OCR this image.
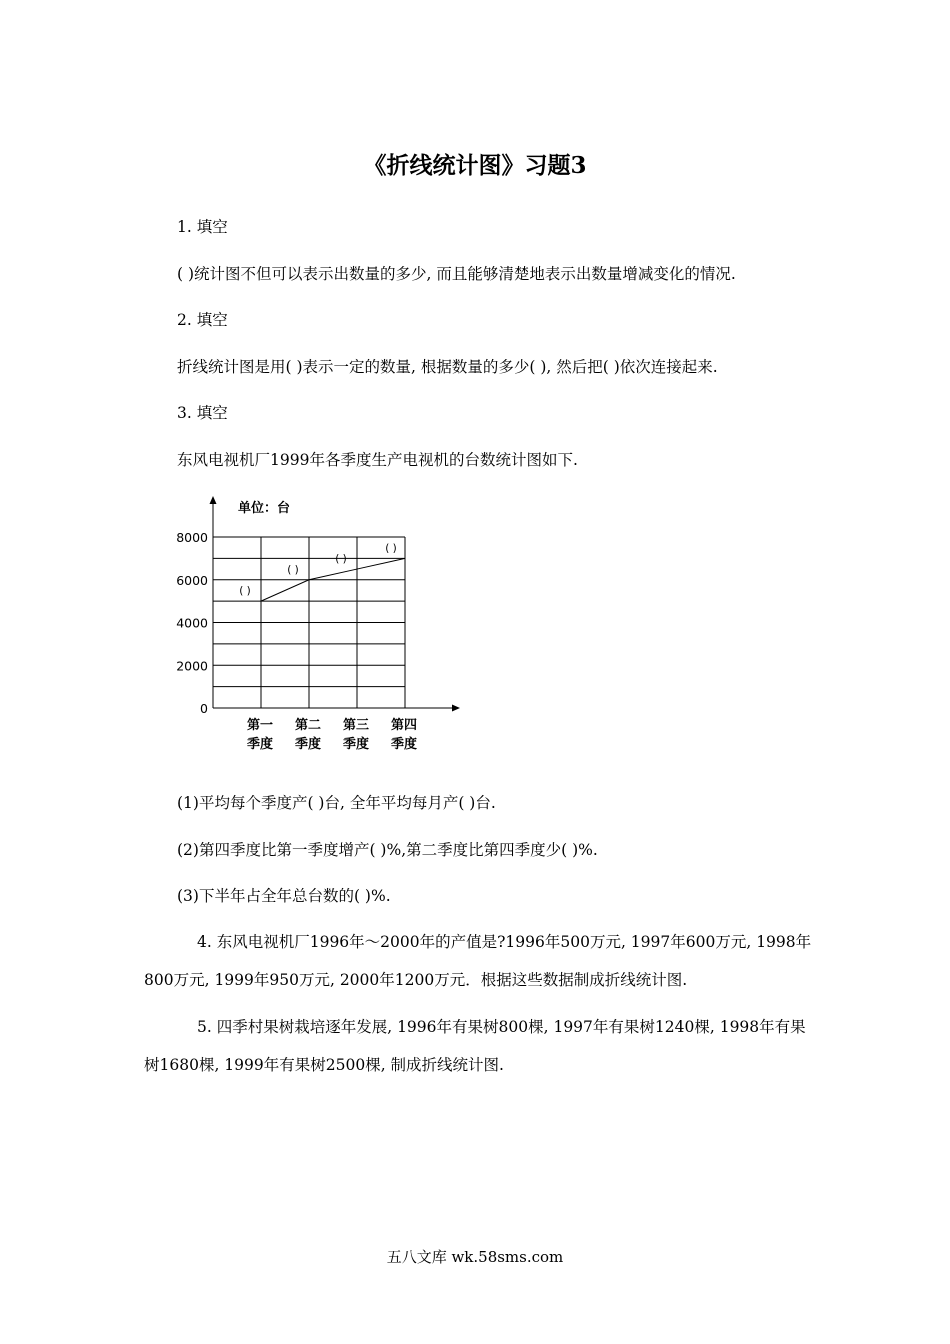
《折线统计图》习题3
1. 填空
( )统计图不但可以表示出数量的多少, 而且能够清楚地表示出数量增减变化的情况.
2. 填空
折线统计图是用( )表示一定的数量, 根据数量的多少( ), 然后把( )依次连接起来.
3. 填空
东风电视机厂1999年各季度生产电视机的台数统计图如下.
单位：台
0
2000
4000
6000
8000
第一
季度
第二
季度
第三
季度
第四
季度
( )
( )
( )
( )
(1)平均每个季度产( )台, 全年平均每月产( )台.
(2)第四季度比第一季度增产( )%,第二季度比第四季度少( )%.
(3)下半年占全年总台数的( )%.
4. 东风电视机厂1996年～2000年的产值是?1996年500万元, 1997年600万元, 1998年
800万元, 1999年950万元, 2000年1200万元．根据这些数据制成折线统计图.
5. 四季村果树栽培逐年发展, 1996年有果树800棵, 1997年有果树1240棵, 1998年有果
树1680棵, 1999年有果树2500棵, 制成折线统计图.
五八文库 wk.58sms.com
